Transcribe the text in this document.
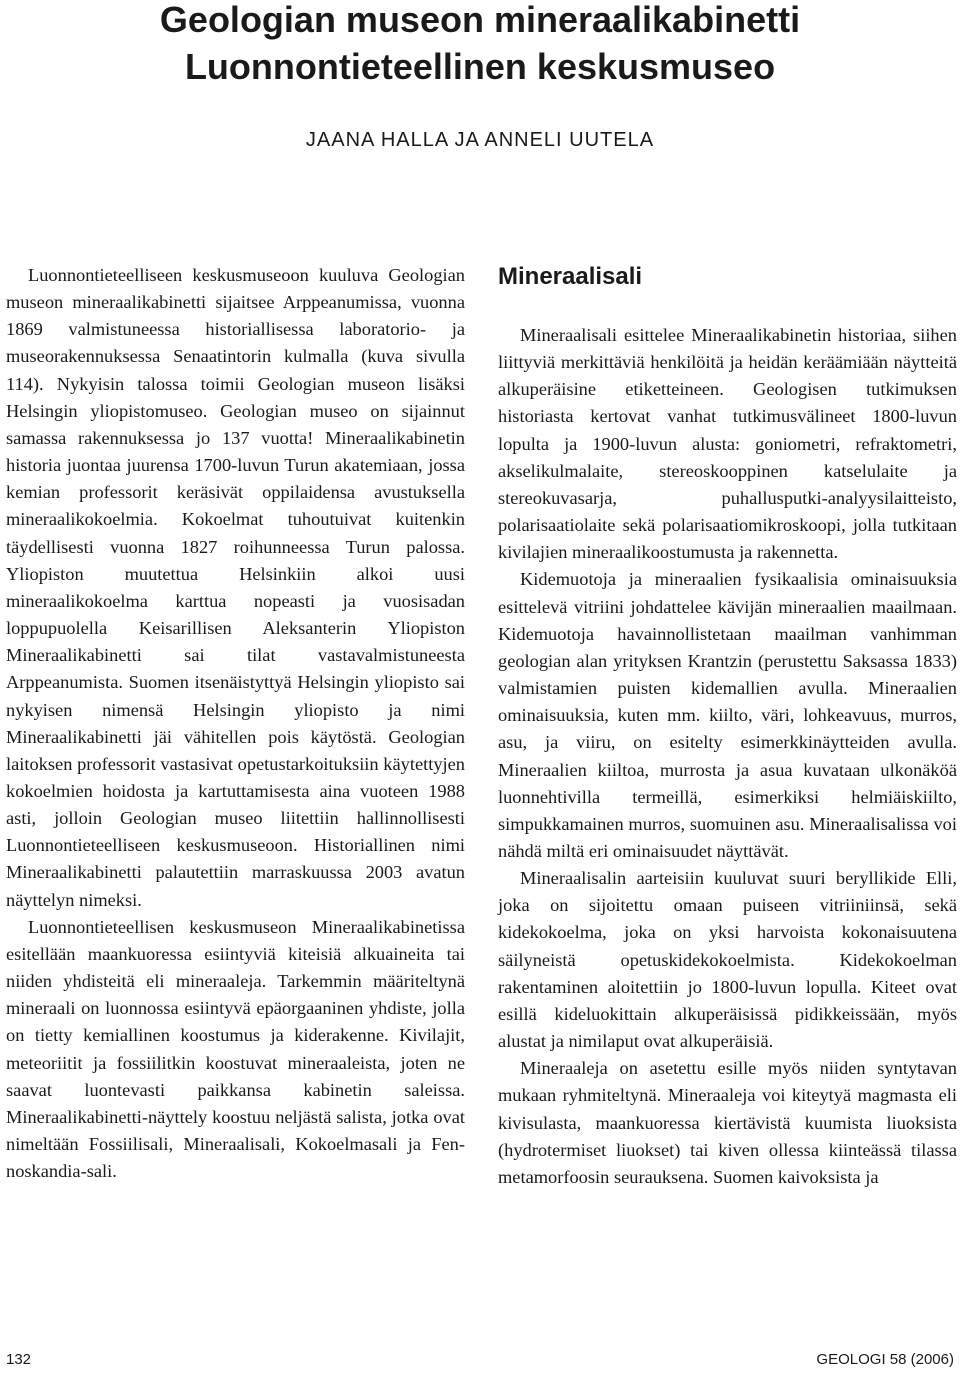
Geologian museon mineraalikabinetti
Luonnontieteellinen keskusmuseo
JAANA HALLA JA ANNELI UUTELA

Luonnontieteelliseen keskusmuseoon kuuluva Geologian museon mineraalikabinetti sijaitsee Arppeanumissa, vuonna 1869 valmistuneessa historiallisessa laboratorio- ja museorakennuksessa Senaatintorin kulmalla (kuva sivulla 114). Nykyisin talossa toimii Geologian museon lisäksi Helsingin yliopistomuseo. Geologian museo on sijainnut samassa rakennuksessa jo 137 vuotta! Mineraalikabinetin historia juontaa juurensa 1700-luvun Turun akatemiaan, jossa kemian professorit keräsivät oppilaidensa avustuksella mineraalikokoelmia. Kokoelmat tuhoutuivat kuitenkin täydellisesti vuonna 1827 roihunneessa Turun palossa. Yliopiston muutettua Helsinkiin alkoi uusi mineraalikokoelma karttua nopeasti ja vuosisadan loppupuolella Keisarillisen Aleksanterin Yliopiston Mineraalikabinetti sai tilat vastavalmistuneesta Arppeanumista. Suomen itsenäistyttyä Helsingin yliopisto sai nykyisen nimensä Helsingin yliopisto ja nimi Mineraalikabinetti jäi vähitellen pois käytöstä. Geologian laitoksen professorit vastasivat opetustarkoituksiin käytettyjen kokoelmien hoidosta ja kartuttamisesta aina vuoteen 1988 asti, jolloin Geologian museo liitettiin hallinnollisesti Luonnontieteelliseen keskusmuseoon. Historiallinen nimi Mineraalikabinetti palautettiin marraskuussa 2003 avatun näyttelyn nimeksi.

Luonnontieteellisen keskusmuseon Mineraalikabinetissa esitellään maankuoressa esiintyviä kiteisiä alkuaineita tai niiden yhdisteitä eli mineraaleja. Tarkemmin määriteltynä mineraali on luonnossa esiintyvä epäorgaaninen yhdiste, jolla on tietty kemiallinen koostumus ja kiderakenne. Kivilajit, meteoriitit ja fossiilitkin koostuvat mineraaleista, joten ne saavat luontevasti paikkansa kabinetin saleissa. Mineraalikabinetti-näyttely koostuu neljästä salista, jotka ovat nimeltään Fossiilisali, Mineraalisali, Kokoelmasali ja Fennoskandia-sali.

Mineraalisali

Mineraalisali esittelee Mineraalikabinetin historiaa, siihen liittyviä merkittäviä henkilöitä ja heidän keräämiään näytteitä alkuperäisine etiketteineen. Geologisen tutkimuksen historiasta kertovat vanhat tutkimusvälineet 1800-luvun lopulta ja 1900-luvun alusta: goniometri, refraktometri, akselikulmalaite, stereoskooppinen katselulaite ja stereokuvasarja, puhallusputki-analyysilaitteisto, polarisaatiolaite sekä polarisaatiomikroskoopi, jolla tutkitaan kivilajien mineraalikoostumusta ja rakennetta.

Kidemuotoja ja mineraalien fysikaalisia ominaisuuksia esittelevä vitriini johdattelee kävijän mineraalien maailmaan. Kidemuotoja havainnollistetaan maailman vanhimman geologian alan yrityksen Krantzin (perustettu Saksassa 1833) valmistamien puisten kidemallien avulla. Mineraalien ominaisuuksia, kuten mm. kiilto, väri, lohkeavuus, murros, asu, ja viiru, on esitelty esimerkkinäytteiden avulla. Mineraalien kiiltoa, murrosta ja asua kuvataan ulkonäköä luonnehtivilla termeillä, esimerkiksi helmiäiskiilto, simpukkamainen murros, suomuinen asu. Mineraalisalissa voi nähdä miltä eri ominaisuudet näyttävät.

Mineraalisalin aarteisiin kuuluvat suuri beryllikide Elli, joka on sijoitettu omaan puiseen vitriiniinsä, sekä kidekokoelma, joka on yksi harvoista kokonaisuutena säilyneistä opetuskidekokoelmista. Kidekokoelman rakentaminen aloitettiin jo 1800-luvun lopulla. Kiteet ovat esillä kideluokittain alkuperäisissä pidikkeissään, myös alustat ja nimilaput ovat alkuperäisiä.

Mineraaleja on asetettu esille myös niiden syntytavan mukaan ryhmiteltynä. Mineraaleja voi kiteytyä magmasta eli kivisulasta, maankuoressa kiertävistä kuumista liuoksista (hydrotermiset liuokset) tai kiven ollessa kiinteässä tilassa metamorfoosin seurauksena. Suomen kaivoksista ja

132	GEOLOGI 58 (2006)
